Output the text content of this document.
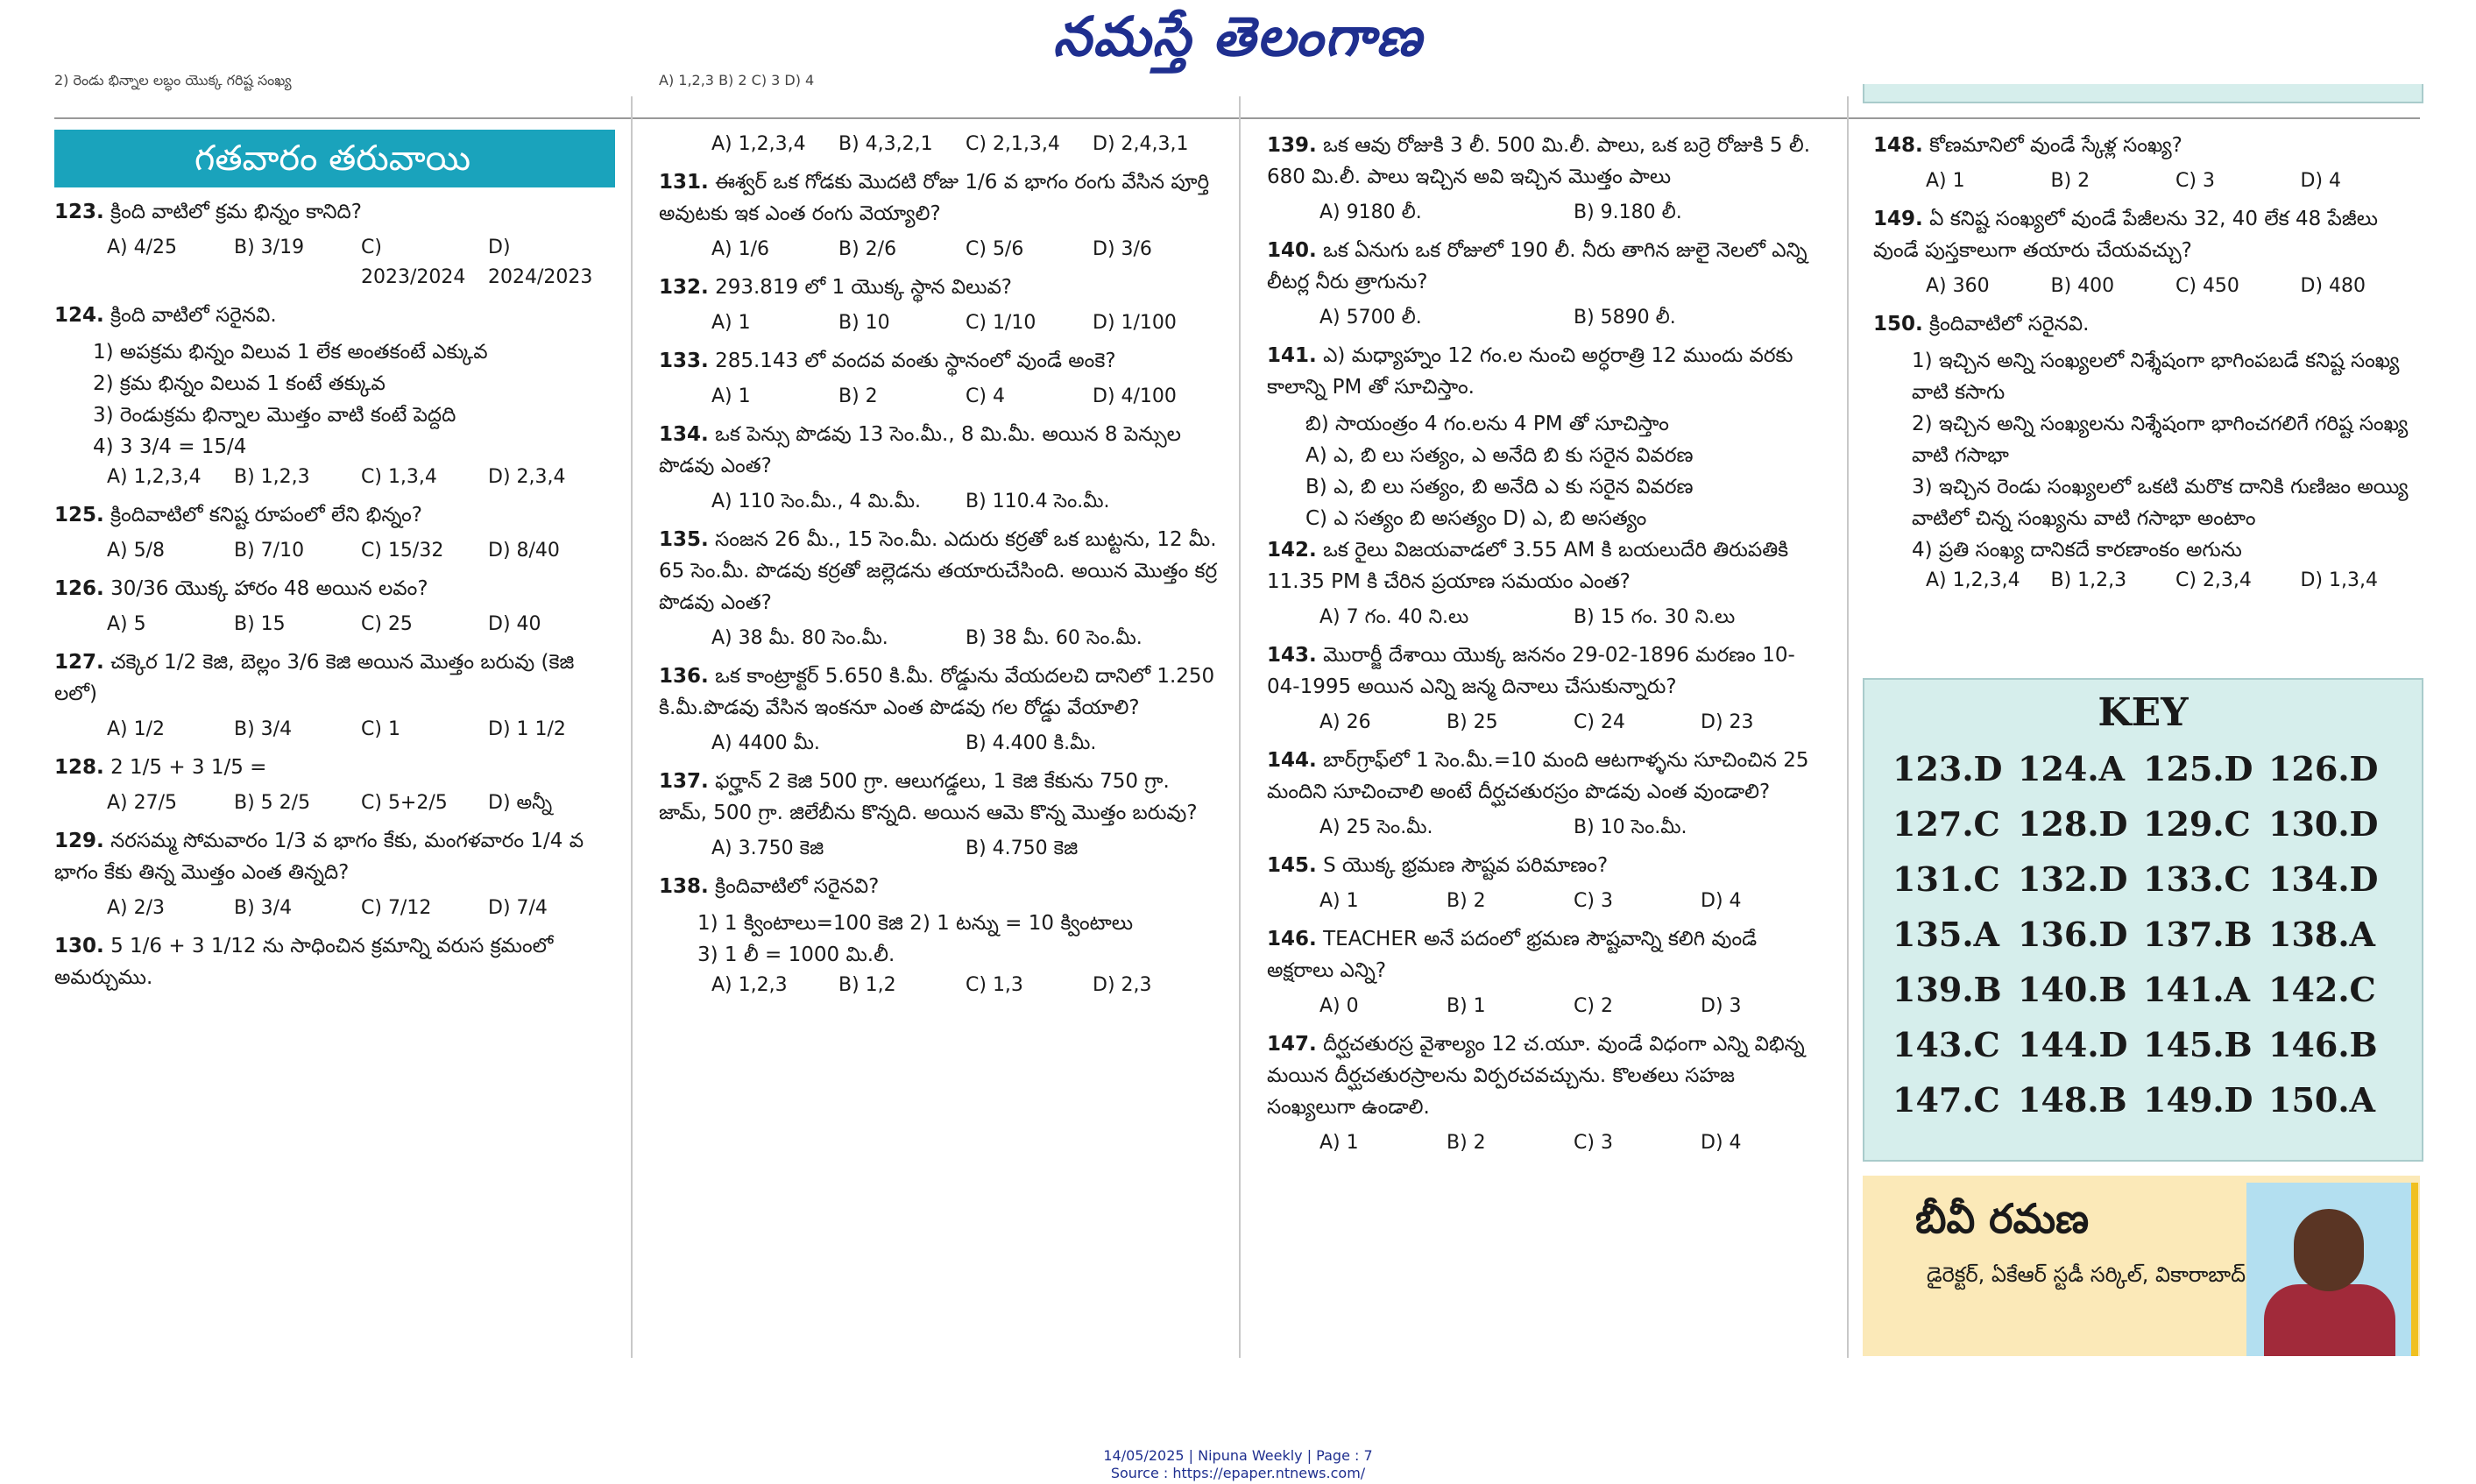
నమస్తే తెలంగాణ
2) రెండు భిన్నాల లబ్ధం యొక్క గరిష్ట సంఖ్య	A) 1,2,3 B) 2 C) 3 D) 4
గతవారం తరువాయి
123. క్రింది వాటిలో క్రమ భిన్నం కానిది?
A) 4/25	B) 3/19	C) 2023/2024
D) 2024/2023
124. క్రింది వాటిలో సరైనవి.
1) అపక్రమ భిన్నం విలువ 1 లేక అంతకంటే ఎక్కువ
2) క్రమ భిన్నం విలువ 1 కంటే తక్కువ
3) రెండుక్రమ భిన్నాల మొత్తం వాటి కంటే పెద్దది
4) 3 3/4 = 15/4
A) 1,2,3,4	B) 1,2,3	C) 1,3,4	D) 2,3,4
125. క్రిందివాటిలో కనిష్ట రూపంలో లేని భిన్నం?
A) 5/8	B) 7/10	C) 15/32	D) 8/40
126. 30/36 యొక్క హారం 48 అయిన లవం?
A) 5	B) 15	C) 25	D) 40
127. చక్కెర 1/2 కెజి, బెల్లం 3/6 కెజి అయిన మొత్తం బరువు (కెజి లలో)
A) 1/2	B) 3/4	C) 1	D) 1 1/2
128. 2 1/5 + 3 1/5 =
A) 27/5	B) 5 2/5	C) 5+2/5	D) అన్నీ
129. నరసమ్మ సోమవారం 1/3 వ భాగం కేకు, మంగళవారం 1/4 వ భాగం కేకు తిన్న మొత్తం ఎంత తిన్నది?
A) 2/3	B) 3/4	C) 7/12	D) 7/4
130. 5 1/6 + 3 1/12 ను సాధించిన క్రమాన్ని వరుస క్రమంలో అమర్చుము.
A) 1,2,3,4	B) 4,3,2,1	C) 2,1,3,4	D) 2,4,3,1
131. ఈశ్వర్ ఒక గోడకు మొదటి రోజు 1/6 వ భాగం రంగు వేసిన పూర్తి అవుటకు ఇక ఎంత రంగు వెయ్యాలి?
A) 1/6	B) 2/6	C) 5/6	D) 3/6
132. 293.819 లో 1 యొక్క స్థాన విలువ?
A) 1	B) 10	C) 1/10	D) 1/100
133. 285.143 లో వందవ వంతు స్థానంలో వుండే అంకె?
A) 1	B) 2	C) 4	D) 4/100
134. ఒక పెన్సు పొడవు 13 సెం.మీ., 8 మి.మీ. అయిన 8 పెన్సుల పొడవు ఎంత?
A) 110 సెం.మీ., 4 మి.మీ.	B) 110.4 సెం.మీ.
135. సంజన 26 మీ., 15 సెం.మీ. ఎదురు కర్రతో ఒక బుట్టను, 12 మీ. 65 సెం.మీ. పొడవు కర్రతో జల్లెడను తయారుచేసింది. అయిన మొత్తం కర్ర పొడవు ఎంత?
A) 38 మీ. 80 సెం.మీ.	B) 38 మీ. 60 సెం.మీ.
136. ఒక కాంట్రాక్టర్ 5.650 కి.మీ. రోడ్డును వేయదలచి దానిలో 1.250 కి.మీ.పొడవు వేసిన ఇంకనూ ఎంత పొడవు గల రోడ్డు వేయాలి?
A) 4400 మీ.	B) 4.400 కి.మీ.
137. ఫర్హాన్ 2 కెజి 500 గ్రా. ఆలుగడ్డలు, 1 కెజి కేకును 750 గ్రా. జామ్, 500 గ్రా. జిలేబీను కొన్నది. అయిన ఆమె కొన్న మొత్తం బరువు?
A) 3.750 కెజి	B) 4.750 కెజి
138. క్రిందివాటిలో సరైనవి?
1) 1 క్వింటాలు=100 కెజి 2) 1 టన్ను = 10 క్వింటాలు
3) 1 లీ = 1000 మి.లీ.
A) 1,2,3	B) 1,2	C) 1,3	D) 2,3
139. ఒక ఆవు రోజుకి 3 లీ. 500 మి.లీ. పాలు, ఒక బర్రె రోజుకి 5 లీ. 680 మి.లీ. పాలు ఇచ్చిన అవి ఇచ్చిన మొత్తం పాలు
A) 9180 లీ.	B) 9.180 లీ.
140. ఒక ఏనుగు ఒక రోజులో 190 లీ. నీరు తాగిన జులై నెలలో ఎన్ని లీటర్ల నీరు త్రాగును?
A) 5700 లీ.	B) 5890 లీ.
141. ఎ) మధ్యాహ్నం 12 గం.ల నుంచి అర్ధరాత్రి 12 ముందు వరకు కాలాన్ని PM తో సూచిస్తాం.
బి) సాయంత్రం 4 గం.లను 4 PM తో సూచిస్తాం
A) ఎ, బి లు సత్యం, ఎ అనేది బి కు సరైన వివరణ
B) ఎ, బి లు సత్యం, బి అనేది ఎ కు సరైన వివరణ
C) ఎ సత్యం బి అసత్యం D) ఎ, బి అసత్యం
142. ఒక రైలు విజయవాడలో 3.55 AM కి బయలుదేరి తిరుపతికి 11.35 PM కి చేరిన ప్రయాణ సమయం ఎంత?
A) 7 గం. 40 ని.లు	B) 15 గం. 30 ని.లు
143. మొరార్జీ దేశాయి యొక్క జననం 29-02-1896 మరణం 10-04-1995 అయిన ఎన్ని జన్మ దినాలు చేసుకున్నారు?
A) 26	B) 25	C) 24	D) 23
144. బార్‌గ్రాఫ్‌లో 1 సెం.మీ.=10 మంది ఆటగాళ్ళను సూచించిన 25 మందిని సూచించాలి అంటే దీర్ఘచతురస్రం పొడవు ఎంత వుండాలి?
A) 25 సెం.మీ.	B) 10 సెం.మీ.
145. S యొక్క భ్రమణ సౌష్టవ పరిమాణం?
A) 1	B) 2	C) 3	D) 4
146. TEACHER అనే పదంలో భ్రమణ సౌష్టవాన్ని కలిగి వుండే అక్షరాలు ఎన్ని?
A) 0	B) 1	C) 2	D) 3
147. దీర్ఘచతురస్ర వైశాల్యం 12 చ.యూ. వుండే విధంగా ఎన్ని విభిన్న మయిన దీర్ఘచతురస్రాలను విర్పరచవచ్చును. కొలతలు సహజ సంఖ్యలుగా ఉండాలి.
A) 1	B) 2	C) 3	D) 4
148. కోణమానిలో వుండే స్కేళ్ల సంఖ్య?
A) 1	B) 2	C) 3	D) 4
149. ఏ కనిష్ట సంఖ్యలో వుండే పేజీలను 32, 40 లేక 48 పేజీలు వుండే పుస్తకాలుగా తయారు చేయవచ్చు?
A) 360	B) 400	C) 450	D) 480
150. క్రిందివాటిలో సరైనవి.
1) ఇచ్చిన అన్ని సంఖ్యలలో నిశ్శేషంగా భాగింపబడే కనిష్ట సంఖ్య వాటి కసాగు
2) ఇచ్చిన అన్ని సంఖ్యలను నిశ్శేషంగా భాగించగలిగే గరిష్ట సంఖ్య వాటి గసాభా
3) ఇచ్చిన రెండు సంఖ్యలలో ఒకటి మరొక దానికి గుణిజం అయ్యి వాటిలో చిన్న సంఖ్యను వాటి గసాభా అంటాం
4) ప్రతి సంఖ్య దానికదే కారణాంకం అగును
A) 1,2,3,4	B) 1,2,3	C) 2,3,4	D) 1,3,4
KEY
123.D 124.A 125.D 126.D
127.C 128.D 129.C 130.D
131.C 132.D 133.C 134.D
135.A 136.D 137.B 138.A
139.B 140.B 141.A 142.C
143.C 144.D 145.B 146.B
147.C 148.B 149.D 150.A
బీవీ రమణ
డైరెక్టర్, ఏకేఆర్ స్టడీ సర్కిల్, వికారాబాద్
14/05/2025 | Nipuna Weekly | Page : 7
Source : https://epaper.ntnews.com/
